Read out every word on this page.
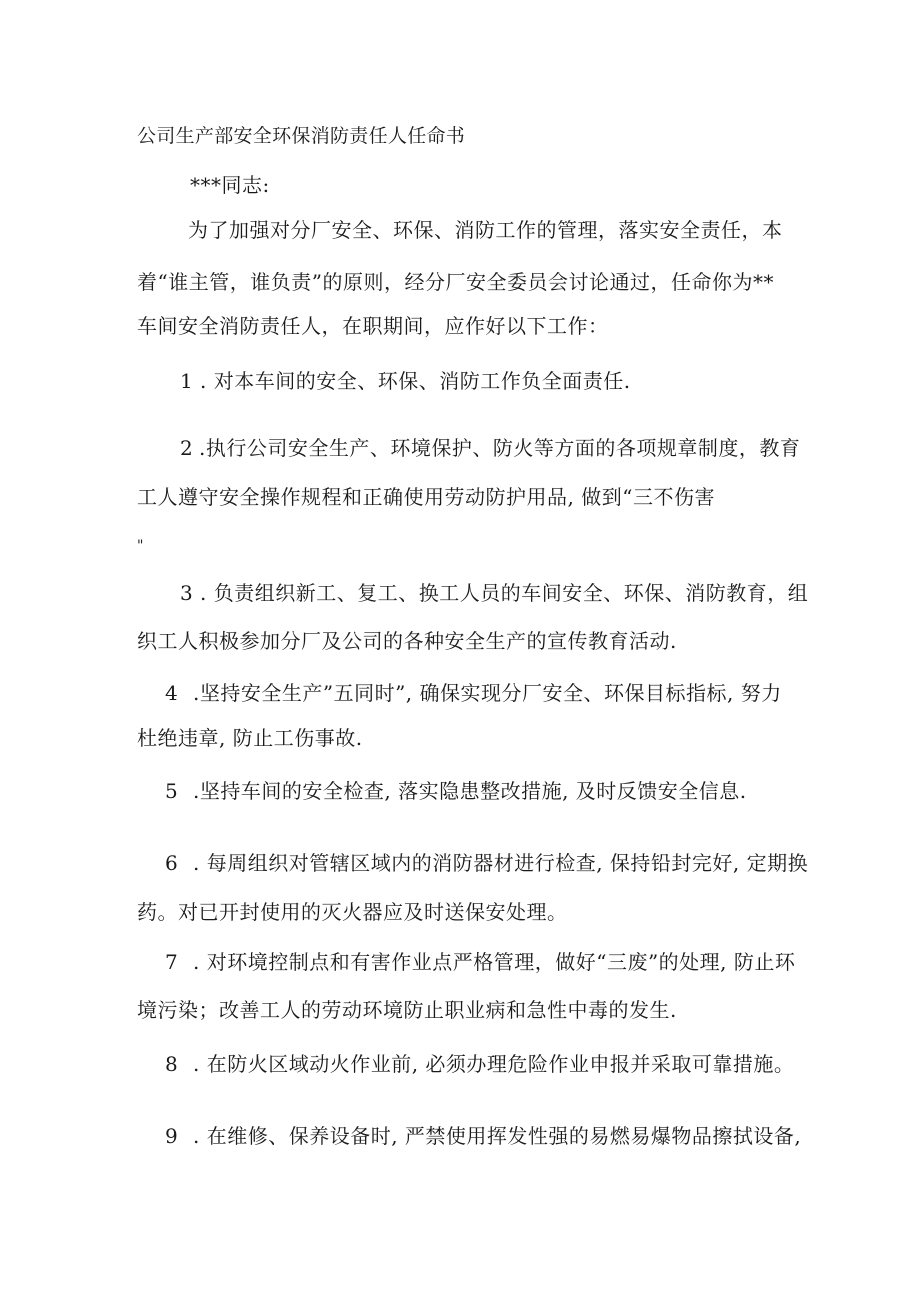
公司生产部安全环保消防责任人任命书
***同志:
为了加强对分厂安全、环保、消防工作的管理，落实安全责任，本
着“谁主管，谁负责”的原则，经分厂安全委员会讨论通过，任命你为**
车间安全消防责任人，在职期间，应作好以下工作：
1 . 对本车间的安全、环保、消防工作负全面责任.
2 .执行公司安全生产、环境保护、防火等方面的各项规章制度，教育
工人遵守安全操作规程和正确使用劳动防护用品, 做到“三不伤害
"
3 . 负责组织新工、复工、换工人员的车间安全、环保、消防教育，组
织工人积极参加分厂及公司的各种安全生产的宣传教育活动.
4 .坚持安全生产”五同时”, 确保实现分厂安全、环保目标指标, 努力
杜绝违章, 防止工伤事故.
5 .坚持车间的安全检查, 落实隐患整改措施, 及时反馈安全信息.
6 . 每周组织对管辖区域内的消防器材进行检查, 保持铅封完好, 定期换
药。对已开封使用的灭火器应及时送保安处理。
7 . 对环境控制点和有害作业点严格管理，做好“三废”的处理, 防止环
境污染；改善工人的劳动环境防止职业病和急性中毒的发生.
8 . 在防火区域动火作业前, 必须办理危险作业申报并采取可靠措施。
9 . 在维修、保养设备时, 严禁使用挥发性强的易燃易爆物品擦拭设备,
